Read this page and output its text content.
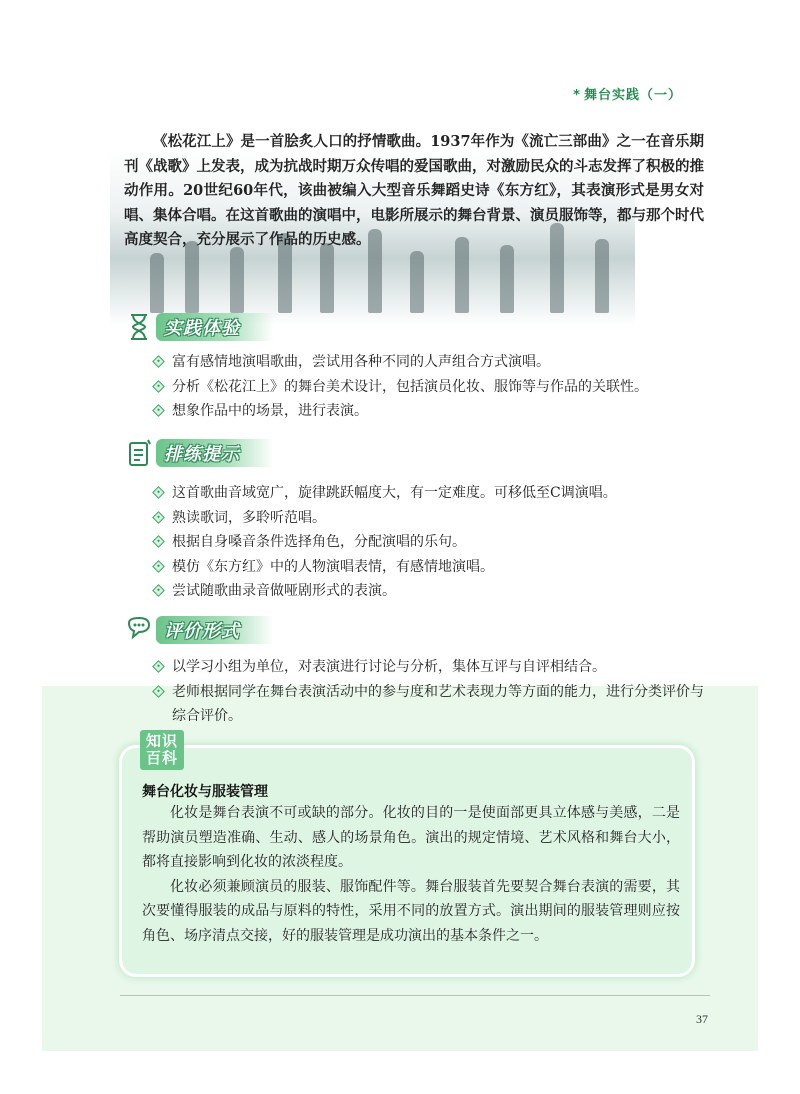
* 舞台实践（一）

《松花江上》是一首脍炙人口的抒情歌曲。1937年作为《流亡三部曲》之一在音乐期刊《战歌》上发表，成为抗战时期万众传唱的爱国歌曲，对激励民众的斗志发挥了积极的推动作用。20世纪60年代，该曲被编入大型音乐舞蹈史诗《东方红》，其表演形式是男女对唱、集体合唱。在这首歌曲的演唱中，电影所展示的舞台背景、演员服饰等，都与那个时代高度契合，充分展示了作品的历史感。

实践体验
富有感情地演唱歌曲，尝试用各种不同的人声组合方式演唱。
分析《松花江上》的舞台美术设计，包括演员化妆、服饰等与作品的关联性。
想象作品中的场景，进行表演。
排练提示
这首歌曲音域宽广，旋律跳跃幅度大，有一定难度。可移低至C调演唱。
熟读歌词，多聆听范唱。
根据自身嗓音条件选择角色，分配演唱的乐句。
模仿《东方红》中的人物演唱表情，有感情地演唱。
尝试随歌曲录音做哑剧形式的表演。
评价形式
以学习小组为单位，对表演进行讨论与分析，集体互评与自评相结合。
老师根据同学在舞台表演活动中的参与度和艺术表现力等方面的能力，进行分类评价与综合评价。
知识
百科
舞台化妆与服装管理

化妆是舞台表演不可或缺的部分。化妆的目的一是使面部更具立体感与美感，二是帮助演员塑造准确、生动、感人的场景角色。演出的规定情境、艺术风格和舞台大小，都将直接影响到化妆的浓淡程度。

化妆必须兼顾演员的服装、服饰配件等。舞台服装首先要契合舞台表演的需要，其次要懂得服装的成品与原料的特性，采用不同的放置方式。演出期间的服装管理则应按角色、场序清点交接，好的服装管理是成功演出的基本条件之一。

37
